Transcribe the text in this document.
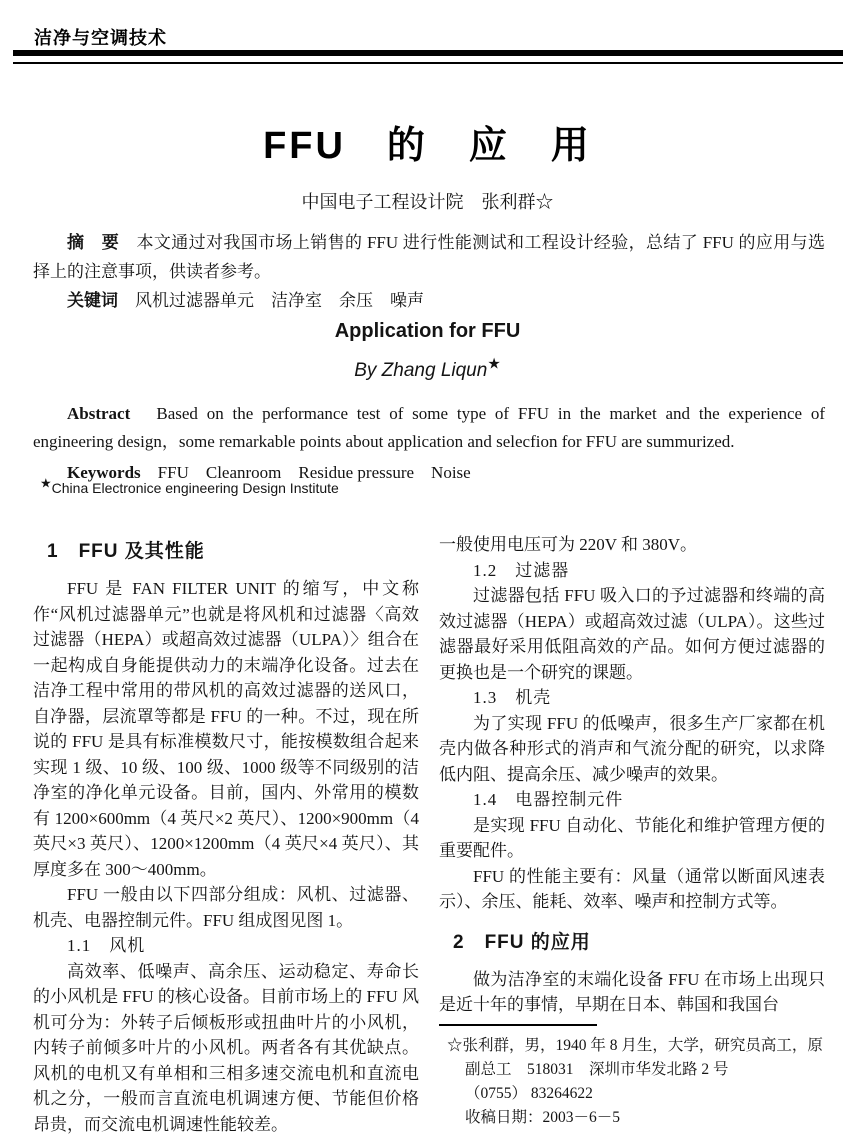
洁净与空调技术
FFU　的　应　用
中国电子工程设计院　张利群☆

摘　要　 本文通过对我国市场上销售的 FFU 进行性能测试和工程设计经验，总结了 FFU 的应用与选择上的注意事项，供读者参考。

关键词　 风机过滤器单元　洁净室　余压　噪声

Application for FFU
By Zhang Liqun★

Abstract　 Based on the performance test of some type of FFU in the market and the experience of engineering design，some remarkable points about application and selecfion for FFU are summurized.

Keywords　 FFU　Cleanroom　Residue pressure　Noise

★China Electronice engineering Design Institute
1　FFU 及其性能

FFU 是 FAN FILTER UNIT 的缩写，中文称作“风机过滤器单元”也就是将风机和过滤器〈高效过滤器（HEPA）或超高效过滤器（ULPA）〉组合在一起构成自身能提供动力的末端净化设备。过去在洁净工程中常用的带风机的高效过滤器的送风口，自净器，层流罩等都是 FFU 的一种。不过，现在所说的 FFU 是具有标准模数尺寸，能按模数组合起来实现 1 级、10 级、100 级、1000 级等不同级别的洁净室的净化单元设备。目前，国内、外常用的模数有 1200×600mm（4 英尺×2 英尺）、1200×900mm（4 英尺×3 英尺）、1200×1200mm（4 英尺×4 英尺）、其厚度多在 300～400mm。

FFU 一般由以下四部分组成：风机、过滤器、机壳、电器控制元件。FFU 组成图见图 1。

1.1　风机

高效率、低噪声、高余压、运动稳定、寿命长的小风机是 FFU 的核心设备。目前市场上的 FFU 风机可分为：外转子后倾板形或扭曲叶片的小风机，内转子前倾多叶片的小风机。两者各有其优缺点。风机的电机又有单相和三相多速交流电机和直流电机之分，一般而言直流电机调速方便、节能但价格昂贵，而交流电机调速性能较差。

一般使用电压可为 220V 和 380V。

1.2　过滤器

过滤器包括 FFU 吸入口的予过滤器和终端的高效过滤器（HEPA）或超高效过滤（ULPA）。这些过滤器最好采用低阻高效的产品。如何方便过滤器的更换也是一个研究的课题。

1.3　机壳

为了实现 FFU 的低噪声，很多生产厂家都在机壳内做各种形式的消声和气流分配的研究，以求降低内阻、提高余压、减少噪声的效果。

1.4　电器控制元件

是实现 FFU 自动化、节能化和维护管理方便的重要配件。

FFU 的性能主要有：风量（通常以断面风速表示）、余压、能耗、效率、噪声和控制方式等。

2　FFU 的应用

做为洁净室的末端化设备 FFU 在市场上出现只是近十年的事情，早期在日本、韩国和我国台

☆张利群，男，1940 年 8 月生，大学，研究员高工，原
副总工　518031　深圳市华发北路 2 号
（0755） 83264622
收稿日期：2003－6－5
